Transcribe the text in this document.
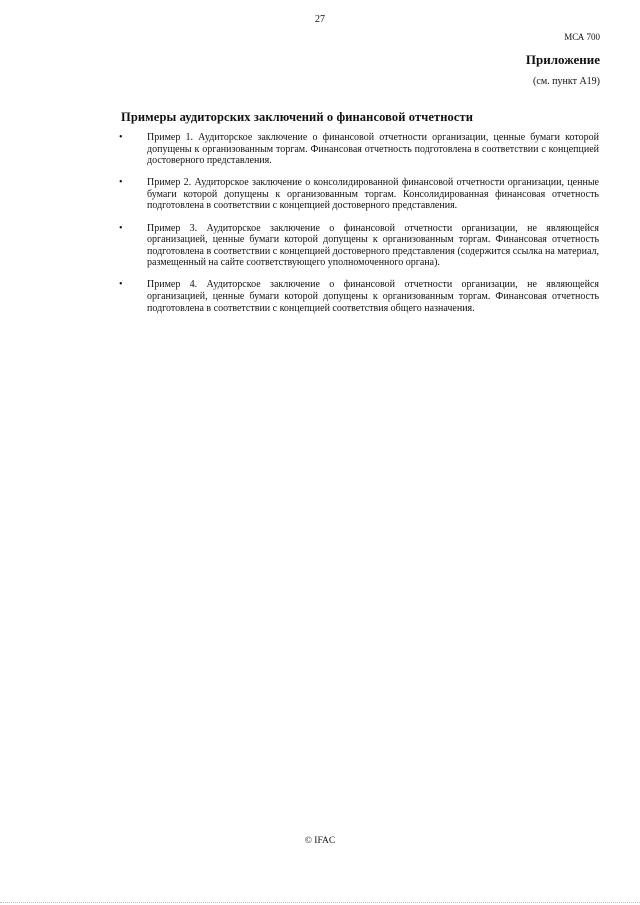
27
МСА 700
Приложение
(см. пункт A19)
Примеры аудиторских заключений о финансовой отчетности
• Пример 1. Аудиторское заключение о финансовой отчетности организации, ценные бумаги которой допущены к организованным торгам. Финансовая отчетность подготовлена в соответствии с концепцией достоверного представления.
• Пример 2. Аудиторское заключение о консолидированной финансовой отчетности организации, ценные бумаги которой допущены к организованным торгам. Консолидированная финансовая отчетность подготовлена в соответствии с концепцией достоверного представления.
• Пример 3. Аудиторское заключение о финансовой отчетности организации, не являющейся организацией, ценные бумаги которой допущены к организованным торгам. Финансовая отчетность подготовлена в соответствии с концепцией достоверного представления (содержится ссылка на материал, размещенный на сайте соответствующего уполномоченного органа).
• Пример 4. Аудиторское заключение о финансовой отчетности организации, не являющейся организацией, ценные бумаги которой допущены к организованным торгам. Финансовая отчетность подготовлена в соответствии с концепцией соответствия общего назначения.
© IFAC
